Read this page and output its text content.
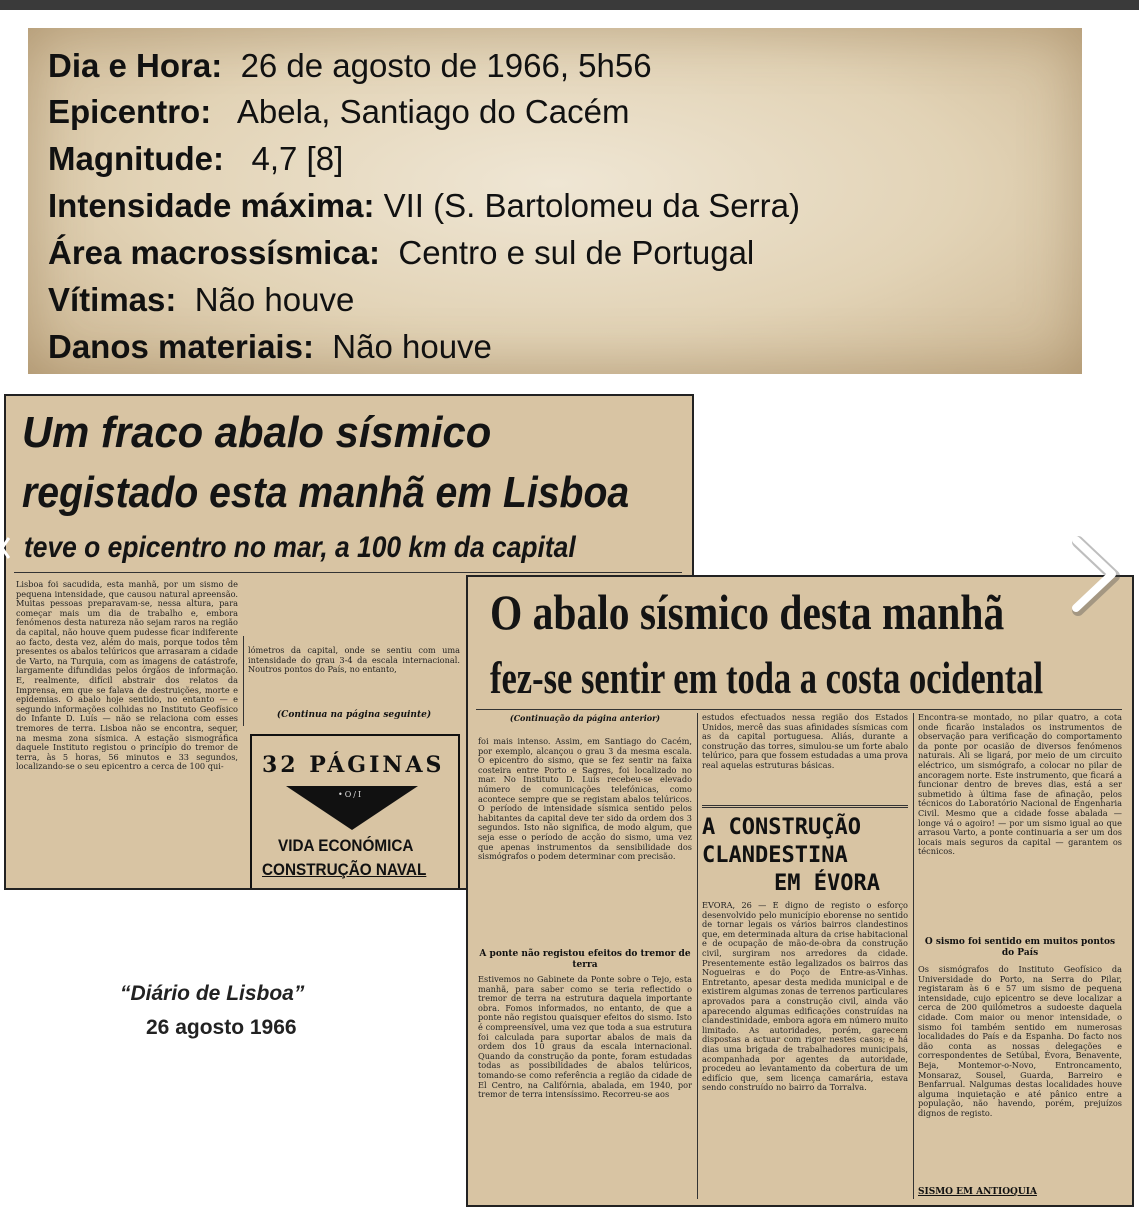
Dia e Hora: 26 de agosto de 1966, 5h56
Epicentro: Abela, Santiago do Cacém
Magnitude: 4,7 [8]
Intensidade máxima: VII (S. Bartolomeu da Serra)
Área macrossísmica: Centro e sul de Portugal
Vítimas: Não houve
Danos materiais: Não houve
Um fraco abalo sísmico
registado esta manhã em Lisboa
teve o epicentro no mar, a 100 km da capital
Lisboa foi sacudida, esta manhã, por um sismo de pequena intensidade, que causou natural apreensão. Muitas pessoas preparavam-se, nessa altura, para começar mais um dia de trabalho e, embora fenómenos desta natureza não sejam raros na região da capital, não houve quem pudesse ficar indiferente ao facto, desta vez, além do mais, porque todos têm presentes os abalos telúricos que arrasaram a cidade de Varto, na Turquia, com as imagens de catástrofe, largamente difundidas pelos órgãos de informação. E, realmente, difícil abstrair dos relatos da Imprensa, em que se falava de destruições, morte e epidemias. O abalo hoje sentido, no entanto — e segundo informações colhidas no Instituto Geofísico do Infante D. Luís — não se relaciona com esses tremores de terra. Lisboa não se encontra, sequer, na mesma zona sísmica. A estação sismográfica daquele Instituto registou o princípio do tremor de terra, às 5 horas, 56 minutos e 33 segundos, localizando-se o seu epicentro a cerca de 100 qui-
lómetros da capital, onde se sentiu com uma intensidade do grau 3-4 da escala internacional. Noutros pontos do País, no entanto,
(Continua na página seguinte)
32 PÁGINAS
•O/I
VIDA ECONÓMICA
CONSTRUÇÃO NAVAL
O abalo sísmico desta manhã
fez-se sentir em toda a costa ocidental
(Continuação da página anterior)
foi mais intenso. Assim, em Santiago do Cacém, por exemplo, alcançou o grau 3 da mesma escala. O epicentro do sismo, que se fez sentir na faixa costeira entre Porto e Sagres, foi localizado no mar. No Instituto D. Luís recebeu-se elevado número de comunicações telefónicas, como acontece sempre que se registam abalos telúricos. O período de intensidade sísmica sentido pelos habitantes da capital deve ter sido da ordem dos 3 segundos. Isto não significa, de modo algum, que seja esse o período de acção do sismo, uma vez que apenas instrumentos da sensibilidade dos sismógrafos o podem determinar com precisão.
A ponte não registou efeitos do tremor de terra
Estivemos no Gabinete da Ponte sobre o Tejo, esta manhã, para saber como se teria reflectido o tremor de terra na estrutura daquela importante obra. Fomos informados, no entanto, de que a ponte não registou quaisquer efeitos do sismo. Isto é compreensível, uma vez que toda a sua estrutura foi calculada para suportar abalos de mais da ordem dos 10 graus da escala internacional. Quando da construção da ponte, foram estudadas todas as possibilidades de abalos telúricos, tomando-se como referência a região da cidade de El Centro, na Califórnia, abalada, em 1940, por tremor de terra intensíssimo. Recorreu-se aos
estudos efectuados nessa região dos Estados Unidos, mercê das suas afinidades sísmicas com as da capital portuguesa. Aliás, durante a construção das torres, simulou-se um forte abalo telúrico, para que fossem estudadas a uma prova real aquelas estruturas básicas.
A CONSTRUÇÃO
CLANDESTINA
EM ÉVORA
ÉVORA, 26 — É digno de registo o esforço desenvolvido pelo município eborense no sentido de tornar legais os vários bairros clandestinos que, em determinada altura da crise habitacional e de ocupação de mão-de-obra da construção civil, surgiram nos arredores da cidade. Presentemente estão legalizados os bairros das Nogueiras e do Poço de Entre-as-Vinhas. Entretanto, apesar desta medida municipal e de existirem algumas zonas de terrenos particulares aprovados para a construção civil, ainda vão aparecendo algumas edificações construídas na clandestinidade, embora agora em número muito limitado. As autoridades, porém, garecem dispostas a actuar com rigor nestes casos; e há dias uma brigada de trabalhadores municipais, acompanhada por agentes da autoridade, procedeu ao levantamento da cobertura de um edifício que, sem licença camarária, estava sendo construído no bairro da Torralva.
Encontra-se montado, no pilar quatro, a cota onde ficarão instalados os instrumentos de observação para verificação do comportamento da ponte por ocasião de diversos fenómenos naturais. Ali se ligará, por meio de um circuito eléctrico, um sismógrafo, a colocar no pilar de ancoragem norte. Este instrumento, que ficará a funcionar dentro de breves dias, está a ser submetido à última fase de afinação, pelos técnicos do Laboratório Nacional de Engenharia Civil. Mesmo que a cidade fosse abalada — longe vá o agoiro! — por um sismo igual ao que arrasou Varto, a ponte continuaria a ser um dos locais mais seguros da capital — garantem os técnicos.
O sismo foi sentido em muitos pontos do País
Os sismógrafos do Instituto Geofísico da Universidade do Porto, na Serra do Pilar, registaram às 6 e 57 um sismo de pequena intensidade, cujo epicentro se deve localizar a cerca de 200 quilómetros a sudoeste daquela cidade. Com maior ou menor intensidade, o sismo foi também sentido em numerosas localidades do País e da Espanha. Do facto nos dão conta as nossas delegações e correspondentes de Setúbal, Évora, Benavente, Beja, Montemor-o-Novo, Entroncamento, Monsaraz, Sousel, Guarda, Barreiro e Benfarrual. Nalgumas destas localidades houve alguma inquietação e até pânico entre a população, não havendo, porém, prejuízos dignos de registo.
SISMO EM ANTIOQUIA
“Diário de Lisboa”
26 agosto 1966
